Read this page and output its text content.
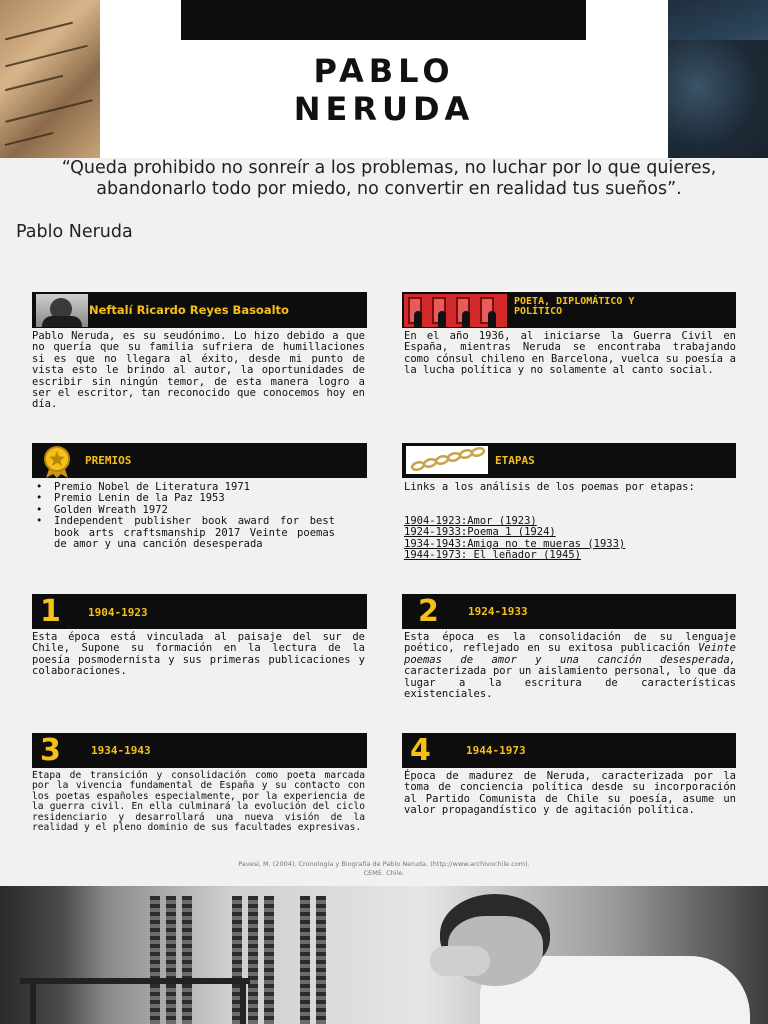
PABLO
NERUDA
“Queda prohibido no sonreír a los problemas, no luchar por lo que quieres, abandonarlo todo por miedo, no convertir en realidad tus sueños”.
Pablo Neruda
Neftalí Ricardo Reyes Basoalto
Pablo Neruda, es su seudónimo. Lo hizo debido a que no quería que su familia sufriera de humillaciones si es que no llegara al éxito, desde mi punto de vista esto le brindo al autor, la oportunidades de escribir sin ningún temor, de esta manera logro a ser el escritor, tan reconocido que conocemos hoy en día.
POETA, DIPLOMÁTICO Y
POLÍTICO
En el año 1936, al iniciarse la Guerra Civil en España, mientras Neruda se encontraba trabajando como cónsul chileno en Barcelona, vuelca su poesía a la lucha política y no solamente al canto social.
PREMIOS
• Premio Nobel de Literatura 1971
• Premio Lenin de la Paz 1953
• Golden Wreath 1972
• Independent publisher book award for best book arts craftsmanship 2017 Veinte poemas de amor y una canción desesperada
ETAPAS
Links a los análisis de los poemas por etapas:
1904-1923:Amor (1923)
1924-1933:Poema 1 (1924)
1934-1943:Amiga no te mueras (1933)
1944-1973: El leñador (1945)
1 1904-1923
Esta época está vinculada al paisaje del sur de Chile, Supone su formación en la lectura de la poesía posmodernista y sus primeras publicaciones y colaboraciones.
2	1924-1933
Esta época es la consolidación de su lenguaje poético, reflejado en su exitosa publicación Veinte poemas de amor y una canción desesperada, caracterizada por un aislamiento personal, lo que da lugar a la escritura de características existenciales.
3	1934-1943
Etapa de transición y consolidación como poeta marcada por la vivencia fundamental de España y su contacto con los poetas españoles especialmente, por la experiencia de la guerra civil. En ella culminará la evolución del ciclo residenciario y desarrollará una nueva visión de la realidad y el pleno dominio de sus facultades expresivas.
4	1944-1973
Época de madurez de Neruda, caracterizada por la toma de conciencia política desde su incorporación al Partido Comunista de Chile su poesía, asume un valor propagandístico y de agitación política.
Pavesi, M. (2004). Cronología y Biografía de Pablo Neruda. (http://www.archivochile.com).
CEME. Chile.
